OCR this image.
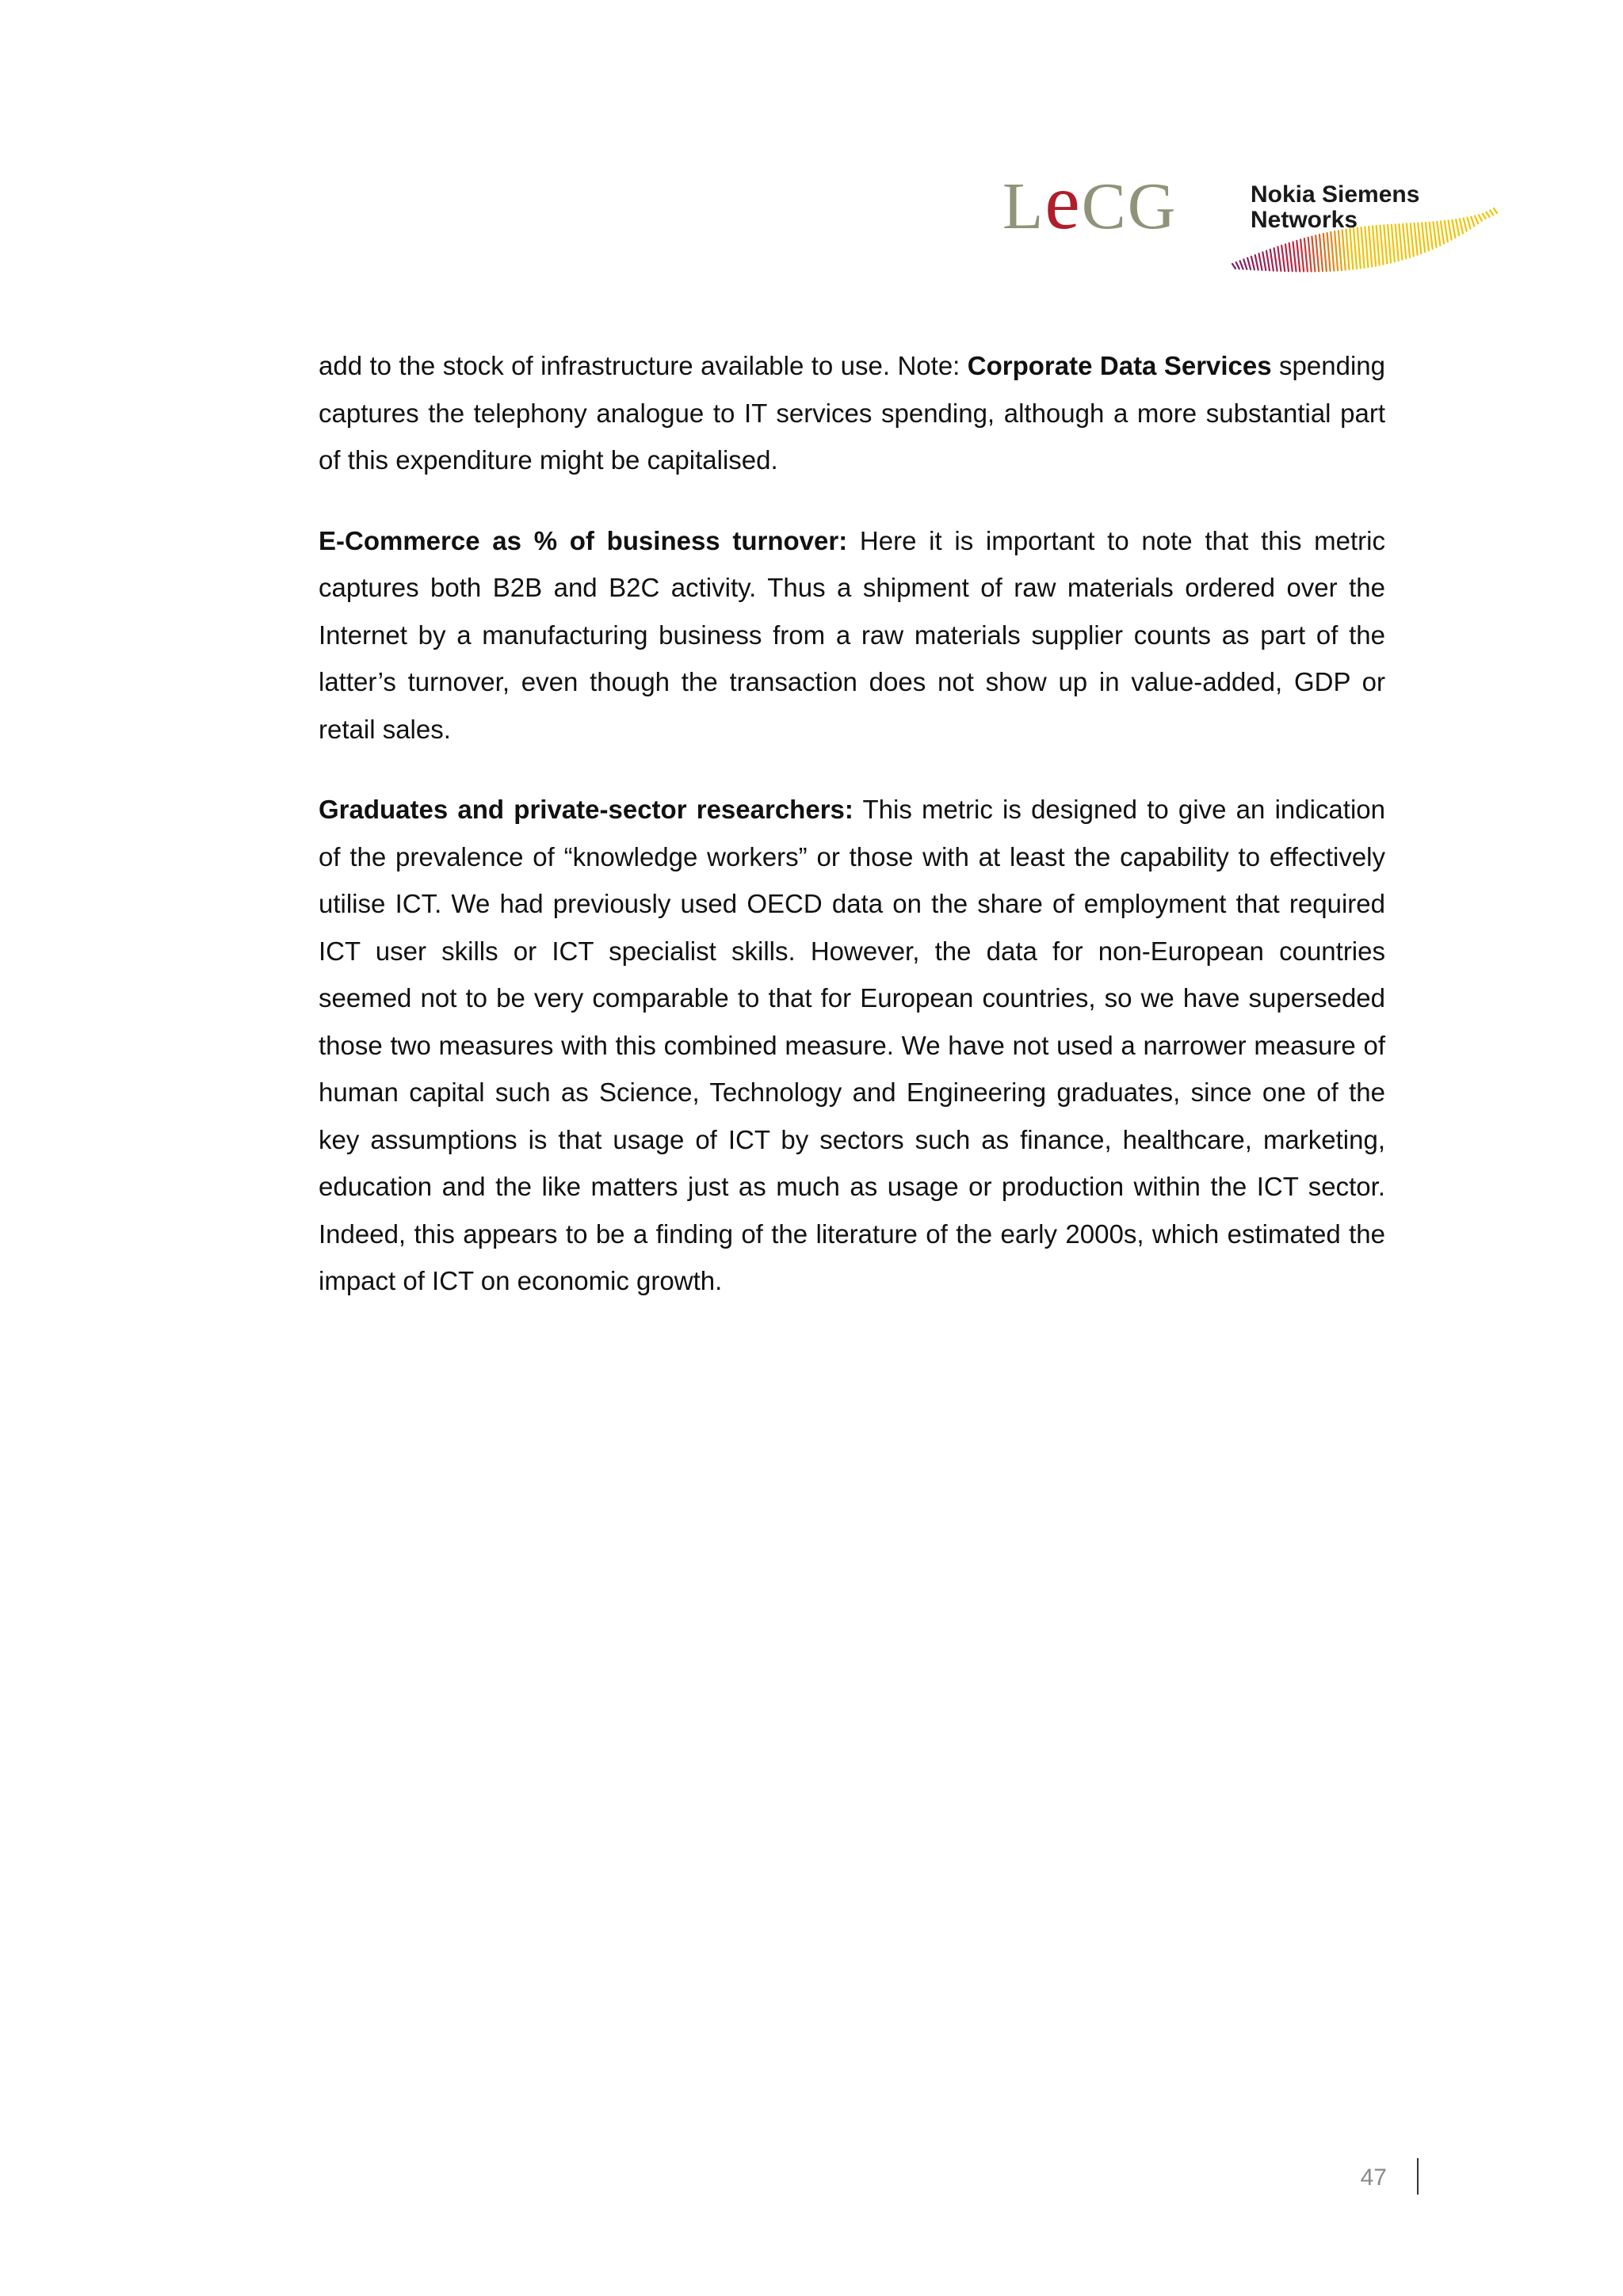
LeCG	Nokia Siemens
Networks

add to the stock of infrastructure available to use. Note: Corporate Data Services spending captures the telephony analogue to IT services spending, although a more substantial part of this expenditure might be capitalised.

E-Commerce as % of business turnover: Here it is important to note that this metric captures both B2B and B2C activity. Thus a shipment of raw materials ordered over the Internet by a manufacturing business from a raw materials supplier counts as part of the latter’s turnover, even though the transaction does not show up in value-added, GDP or retail sales.

Graduates and private-sector researchers: This metric is designed to give an indication of the prevalence of “knowledge workers” or those with at least the capability to effectively utilise ICT. We had previously used OECD data on the share of employment that required ICT user skills or ICT specialist skills. However, the data for non-European countries seemed not to be very comparable to that for European countries, so we have superseded those two measures with this combined measure. We have not used a narrower measure of human capital such as Science, Technology and Engineering graduates, since one of the key assumptions is that usage of ICT by sectors such as finance, healthcare, marketing, education and the like matters just as much as usage or production within the ICT sector. Indeed, this appears to be a finding of the literature of the early 2000s, which estimated the impact of ICT on economic growth.

47
